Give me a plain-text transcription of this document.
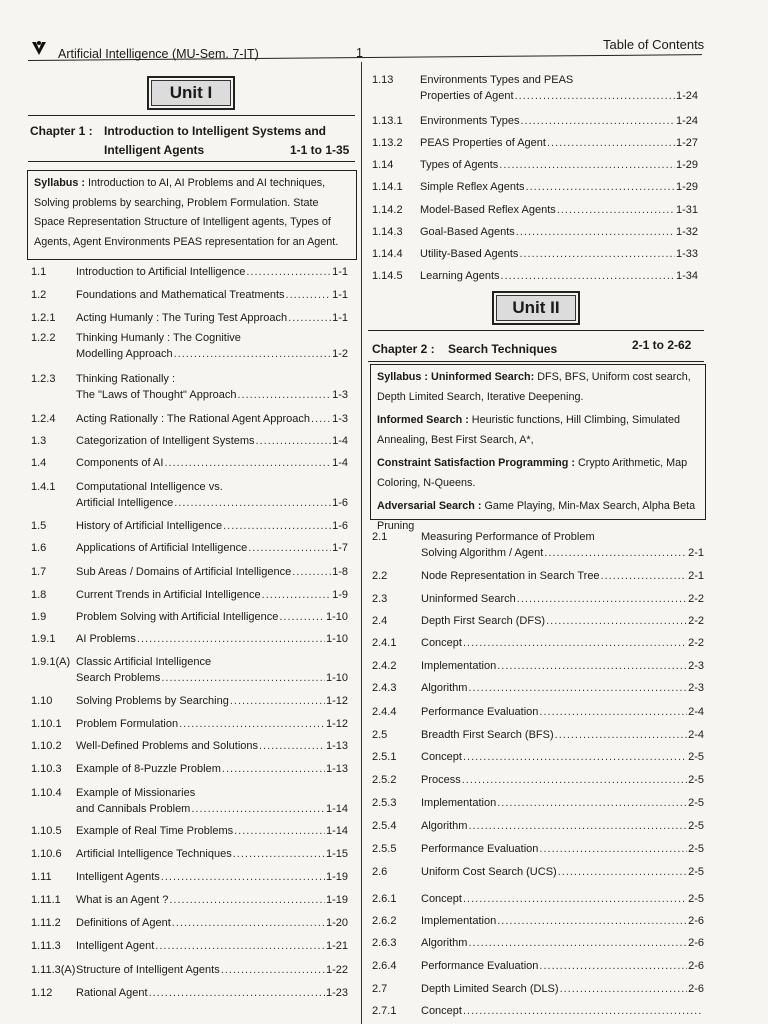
Artificial Intelligence (MU-Sem. 7-IT)	1
Table of Contents
Unit I
Chapter 1 : Introduction to Intelligent Systems and
Intelligent Agents	1-1 to 1-35
Syllabus : Introduction to AI, AI Problems and AI techniques, Solving problems by searching, Problem Formulation. State Space Representation Structure of Intelligent agents, Types of Agents, Agent Environments PEAS representation for an Agent.
1.1	Introduction to Artificial Intelligence .....	1-1
1.2	Foundations and Mathematical Treatments .....	1-1
1.2.1 Acting Humanly : The Turing Test Approach .....	1-1
1.2.2 Thinking Humanly : The Cognitive
Modelling Approach .....	1-2
1.2.3 Thinking Rationally :
The "Laws of Thought" Approach .....	1-3
1.2.4 Acting Rationally : The Rational Agent Approach ..... 1-3
1.3	Categorization of Intelligent Systems .....	1-4
1.4	Components of AI .....	1-4
1.4.1 Computational Intelligence vs.
Artificial Intelligence .....	1-6
1.5	History of Artificial Intelligence .....	1-6
1.6	Applications of Artificial Intelligence .....	1-7
1.7	Sub Areas / Domains of Artificial Intelligence .....	1-8
1.8	Current Trends in Artificial Intelligence .....	1-9
1.9	Problem Solving with Artificial Intelligence .....	1-10
1.9.1 AI Problems .....	1-10
1.9.1(A) Classic Artificial Intelligence
Search Problems .....	1-10
1.10 Solving Problems by Searching .....	1-12
1.10.1 Problem Formulation .....	1-12
1.10.2 Well-Defined Problems and Solutions .....	1-13
1.10.3 Example of 8-Puzzle Problem .....	1-13
1.10.4 Example of Missionaries
and Cannibals Problem .....	1-14
1.10.5 Example of Real Time Problems .....	1-14
1.10.6 Artificial Intelligence Techniques .....	1-15
1.11 Intelligent Agents .....	1-19
1.11.1 What is an Agent ? .....	1-19
1.11.2 Definitions of Agent .....	1-20
1.11.3 Intelligent Agent .....	1-21
1.11.3(A) Structure of Intelligent Agents .....	1-22
1.12 Rational Agent .....	1-23
1.13 Environments Types and PEAS
Properties of Agent .....	1-24
1.13.1 Environments Types .....	1-24
1.13.2 PEAS Properties of Agent .....	1-27
1.14 Types of Agents .....	1-29
1.14.1 Simple Reflex Agents .....	1-29
1.14.2 Model-Based Reflex Agents .....	1-31
1.14.3 Goal-Based Agents .....	1-32
1.14.4 Utility-Based Agents .....	1-33
1.14.5 Learning Agents .....	1-34
Unit II
Chapter 2 : Search Techniques	2-1 to 2-62

Syllabus : Uninformed Search: DFS, BFS, Uniform cost search, Depth Limited Search, Iterative Deepening.

Informed Search : Heuristic functions, Hill Climbing, Simulated Annealing, Best First Search, A*,

Constraint Satisfaction Programming : Crypto Arithmetic, Map Coloring, N-Queens.

Adversarial Search : Game Playing, Min-Max Search, Alpha Beta Pruning

2.1	Measuring Performance of Problem
Solving Algorithm / Agent .....	2-1
2.2	Node Representation in Search Tree .....	2-1
2.3	Uninformed Search .....	2-2
2.4	Depth First Search (DFS) .....	2-2
2.4.1 Concept .....	2-2
2.4.2 Implementation .....	2-3
2.4.3 Algorithm .....	2-3
2.4.4 Performance Evaluation .....	2-4
2.5	Breadth First Search (BFS) .....	2-4
2.5.1 Concept .....	2-5
2.5.2 Process .....	2-5
2.5.3 Implementation .....	2-5
2.5.4 Algorithm .....	2-5
2.5.5 Performance Evaluation .....	2-5
2.6	Uniform Cost Search (UCS) .....	2-5
2.6.1 Concept .....	2-5
2.6.2 Implementation .....	2-6
2.6.3 Algorithm .....	2-6
2.6.4 Performance Evaluation .....	2-6
2.7	Depth Limited Search (DLS) .....	2-6
2.7.1 Concept
.....
